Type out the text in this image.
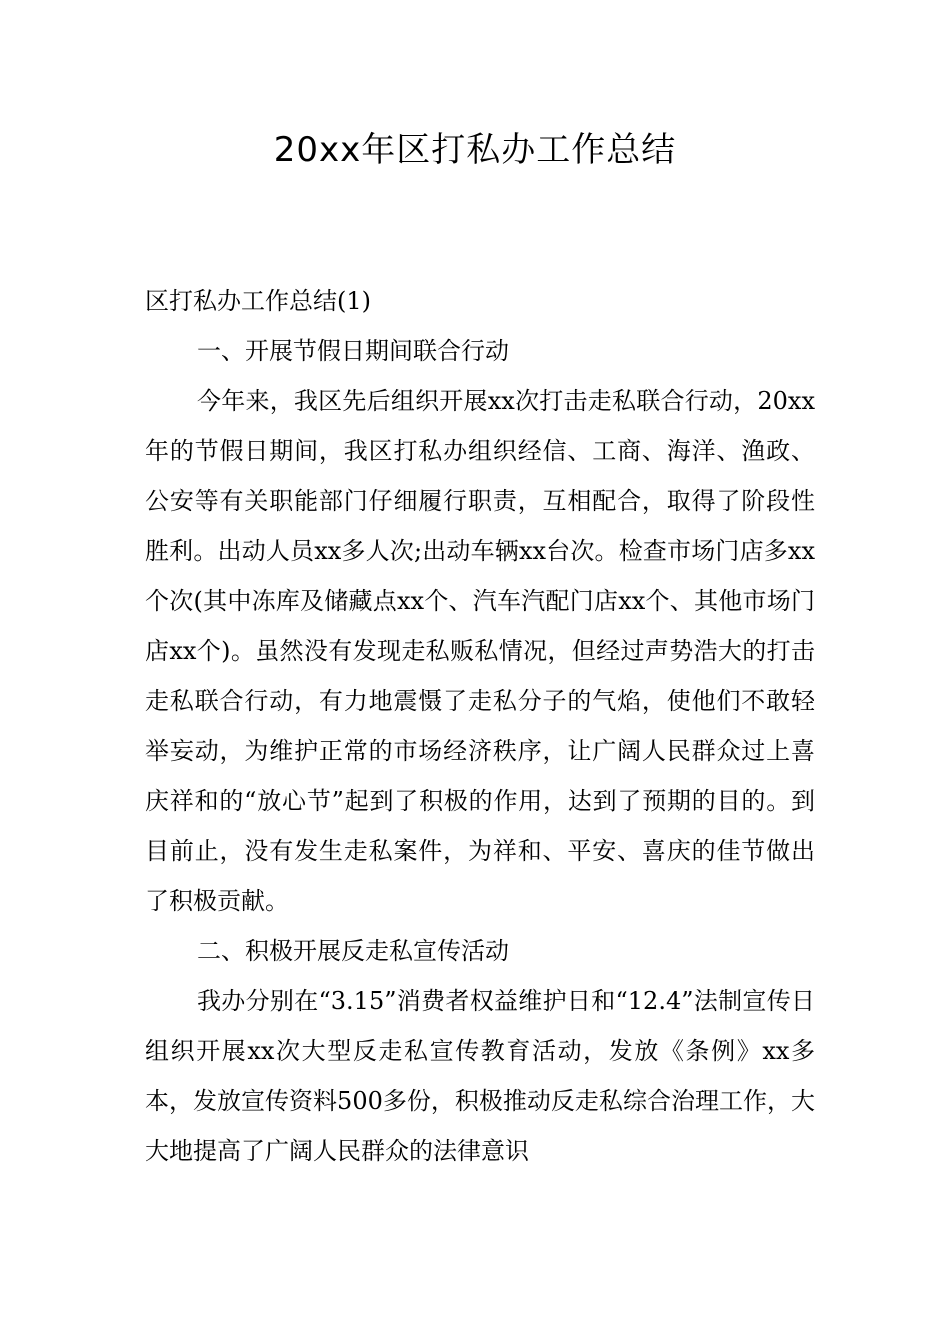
20xx年区打私办工作总结

区打私办工作总结(1)

一、开展节假日期间联合行动

今年来，我区先后组织开展xx次打击走私联合行动，20xx年的节假日期间，我区打私办组织经信、工商、海洋、渔政、公安等有关职能部门仔细履行职责，互相配合，取得了阶段性胜利。出动人员xx多人次;出动车辆xx台次。检查市场门店多xx个次(其中冻库及储藏点xx个、汽车汽配门店xx个、其他市场门店xx个)。虽然没有发现走私贩私情况，但经过声势浩大的打击走私联合行动，有力地震慑了走私分子的气焰，使他们不敢轻举妄动，为维护正常的市场经济秩序，让广阔人民群众过上喜庆祥和的“放心节”起到了积极的作用，达到了预期的目的。到目前止，没有发生走私案件，为祥和、平安、喜庆的佳节做出了积极贡献。

二、积极开展反走私宣传活动

我办分别在“3.15”消费者权益维护日和“12.4”法制宣传日组织开展xx次大型反走私宣传教育活动，发放《条例》xx多本，发放宣传资料500多份，积极推动反走私综合治理工作，大大地提高了广阔人民群众的法律意识
